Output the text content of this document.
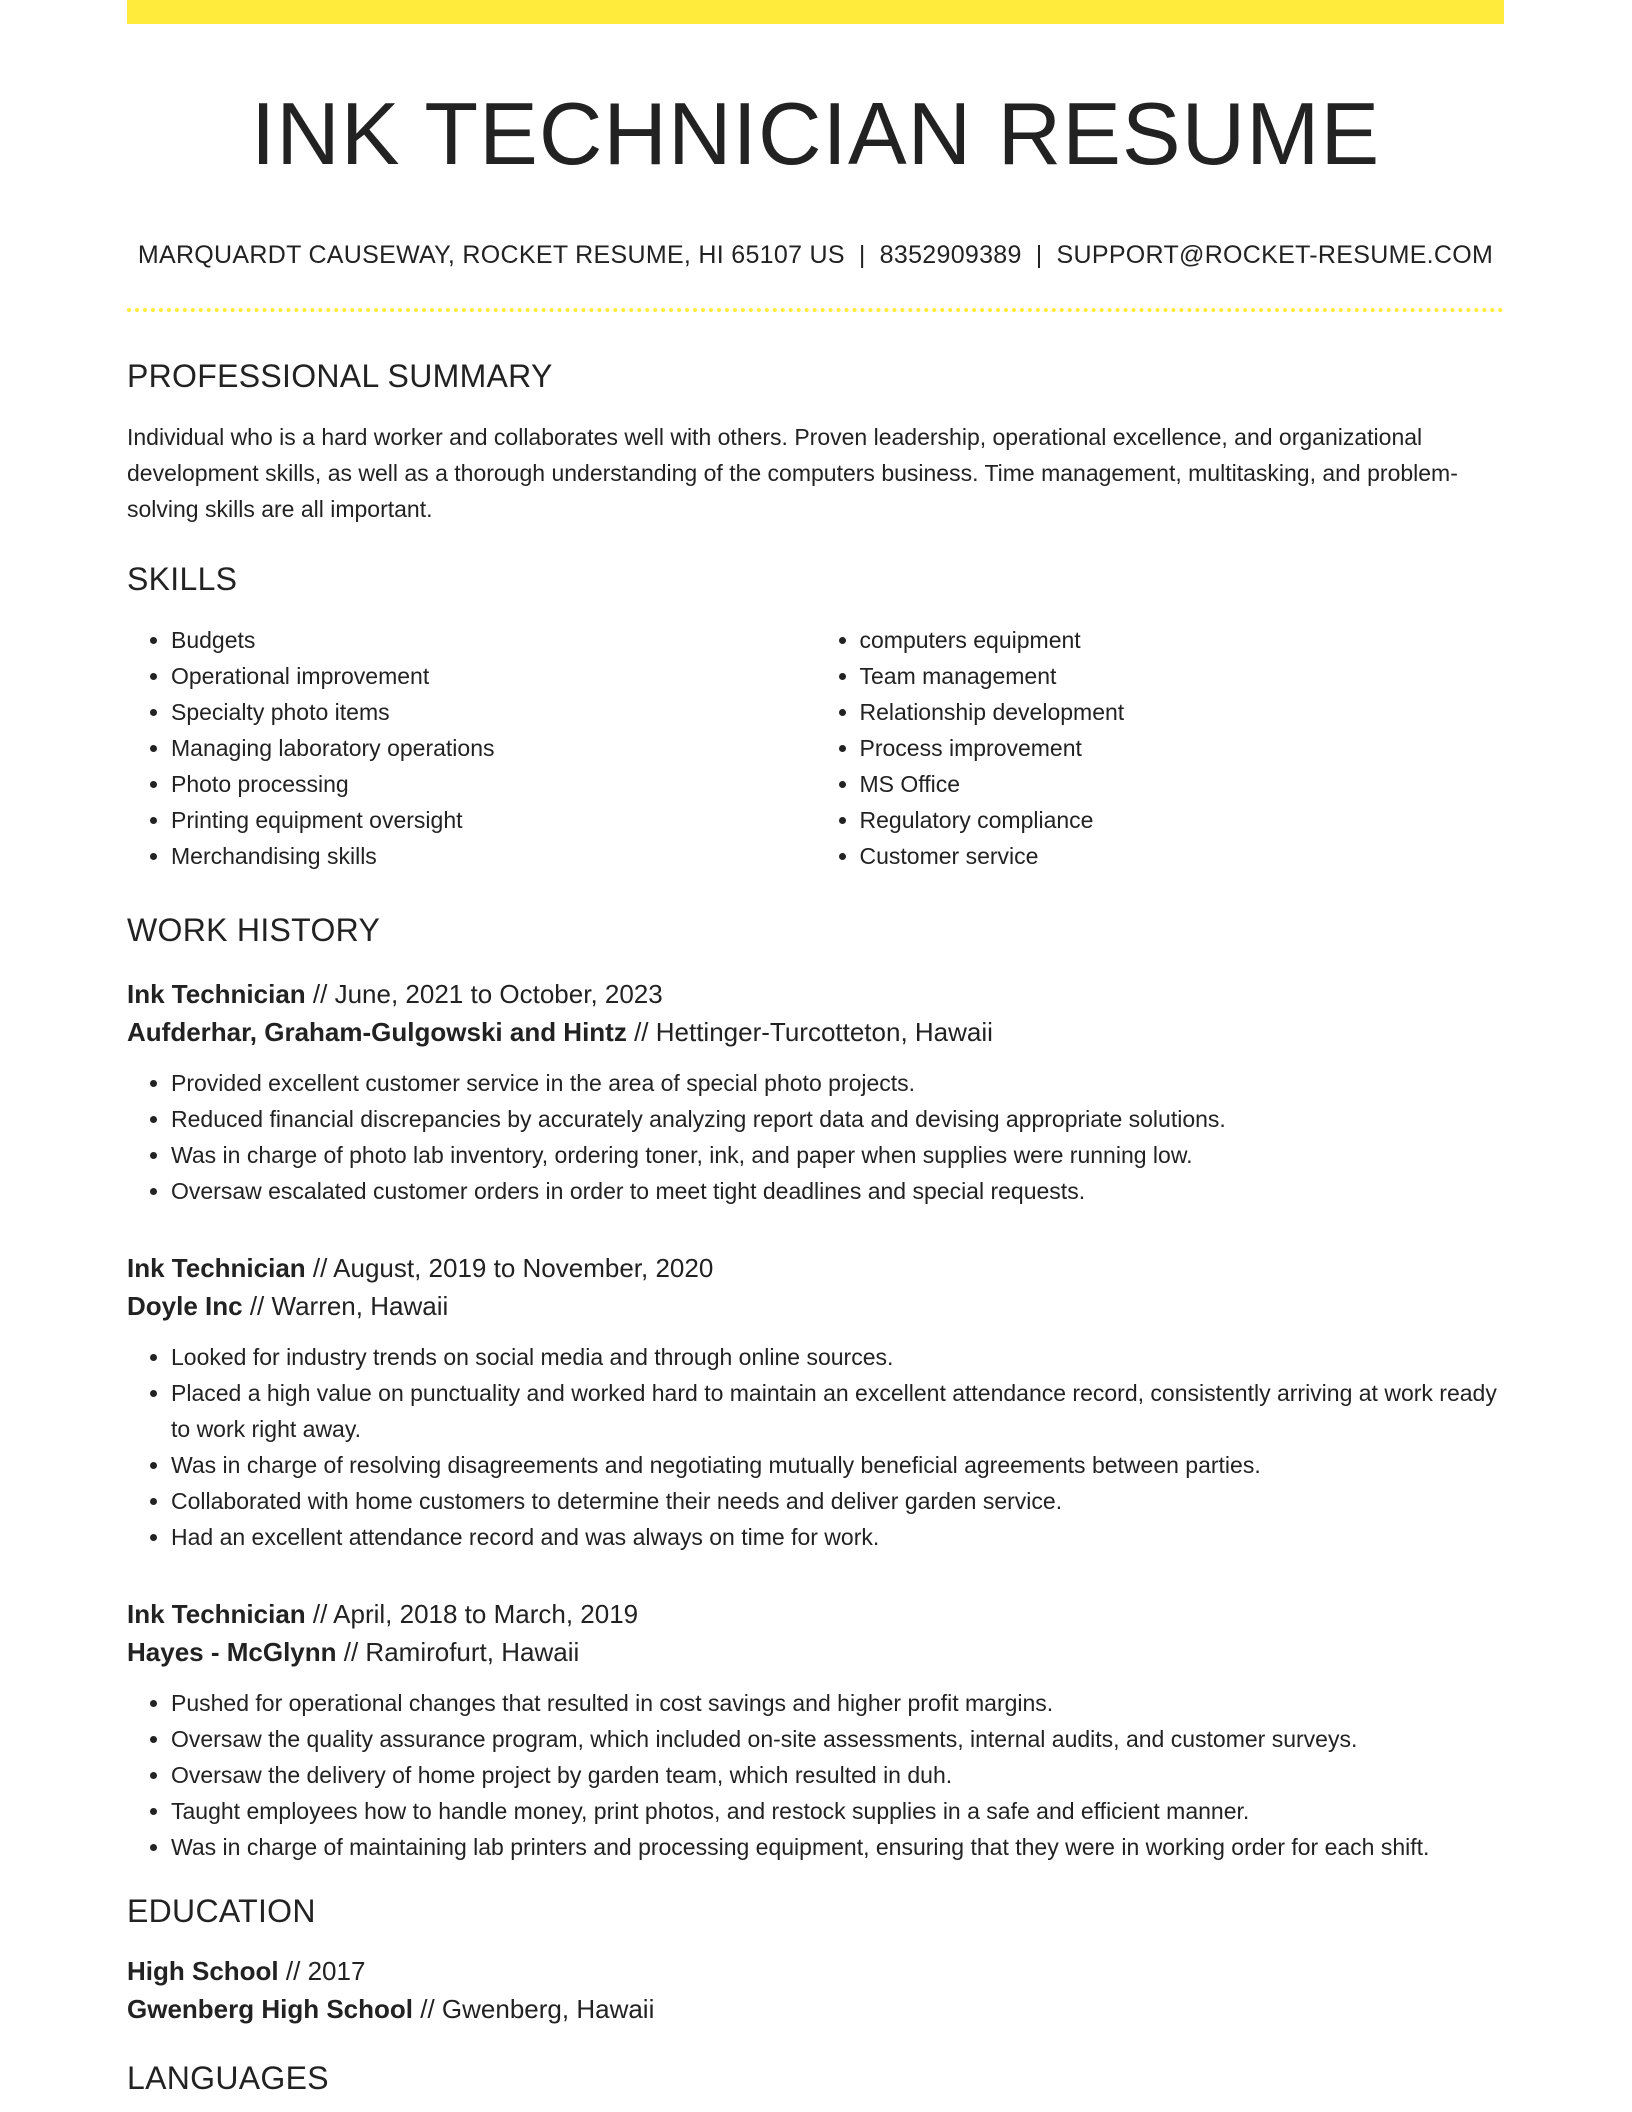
INK TECHNICIAN RESUME
MARQUARDT CAUSEWAY, ROCKET RESUME, HI 65107 US | 8352909389 | SUPPORT@ROCKET-RESUME.COM
PROFESSIONAL SUMMARY
Individual who is a hard worker and collaborates well with others. Proven leadership, operational excellence, and organizational development skills, as well as a thorough understanding of the computers business. Time management, multitasking, and problem-solving skills are all important.
SKILLS
• Budgets
• Operational improvement
• Specialty photo items
• Managing laboratory operations
• Photo processing
• Printing equipment oversight
• Merchandising skills
• computers equipment
• Team management
• Relationship development
• Process improvement
• MS Office
• Regulatory compliance
• Customer service
WORK HISTORY
Ink Technician // June, 2021 to October, 2023
Aufderhar, Graham-Gulgowski and Hintz // Hettinger-Turcotteton, Hawaii
• Provided excellent customer service in the area of special photo projects.
• Reduced financial discrepancies by accurately analyzing report data and devising appropriate solutions.
• Was in charge of photo lab inventory, ordering toner, ink, and paper when supplies were running low.
• Oversaw escalated customer orders in order to meet tight deadlines and special requests.
Ink Technician // August, 2019 to November, 2020
Doyle Inc // Warren, Hawaii
• Looked for industry trends on social media and through online sources.
• Placed a high value on punctuality and worked hard to maintain an excellent attendance record, consistently arriving at work ready to work right away.
• Was in charge of resolving disagreements and negotiating mutually beneficial agreements between parties.
• Collaborated with home customers to determine their needs and deliver garden service.
• Had an excellent attendance record and was always on time for work.
Ink Technician // April, 2018 to March, 2019
Hayes - McGlynn // Ramirofurt, Hawaii
• Pushed for operational changes that resulted in cost savings and higher profit margins.
• Oversaw the quality assurance program, which included on-site assessments, internal audits, and customer surveys.
• Oversaw the delivery of home project by garden team, which resulted in duh.
• Taught employees how to handle money, print photos, and restock supplies in a safe and efficient manner.
• Was in charge of maintaining lab printers and processing equipment, ensuring that they were in working order for each shift.
EDUCATION
High School // 2017
Gwenberg High School // Gwenberg, Hawaii
LANGUAGES
